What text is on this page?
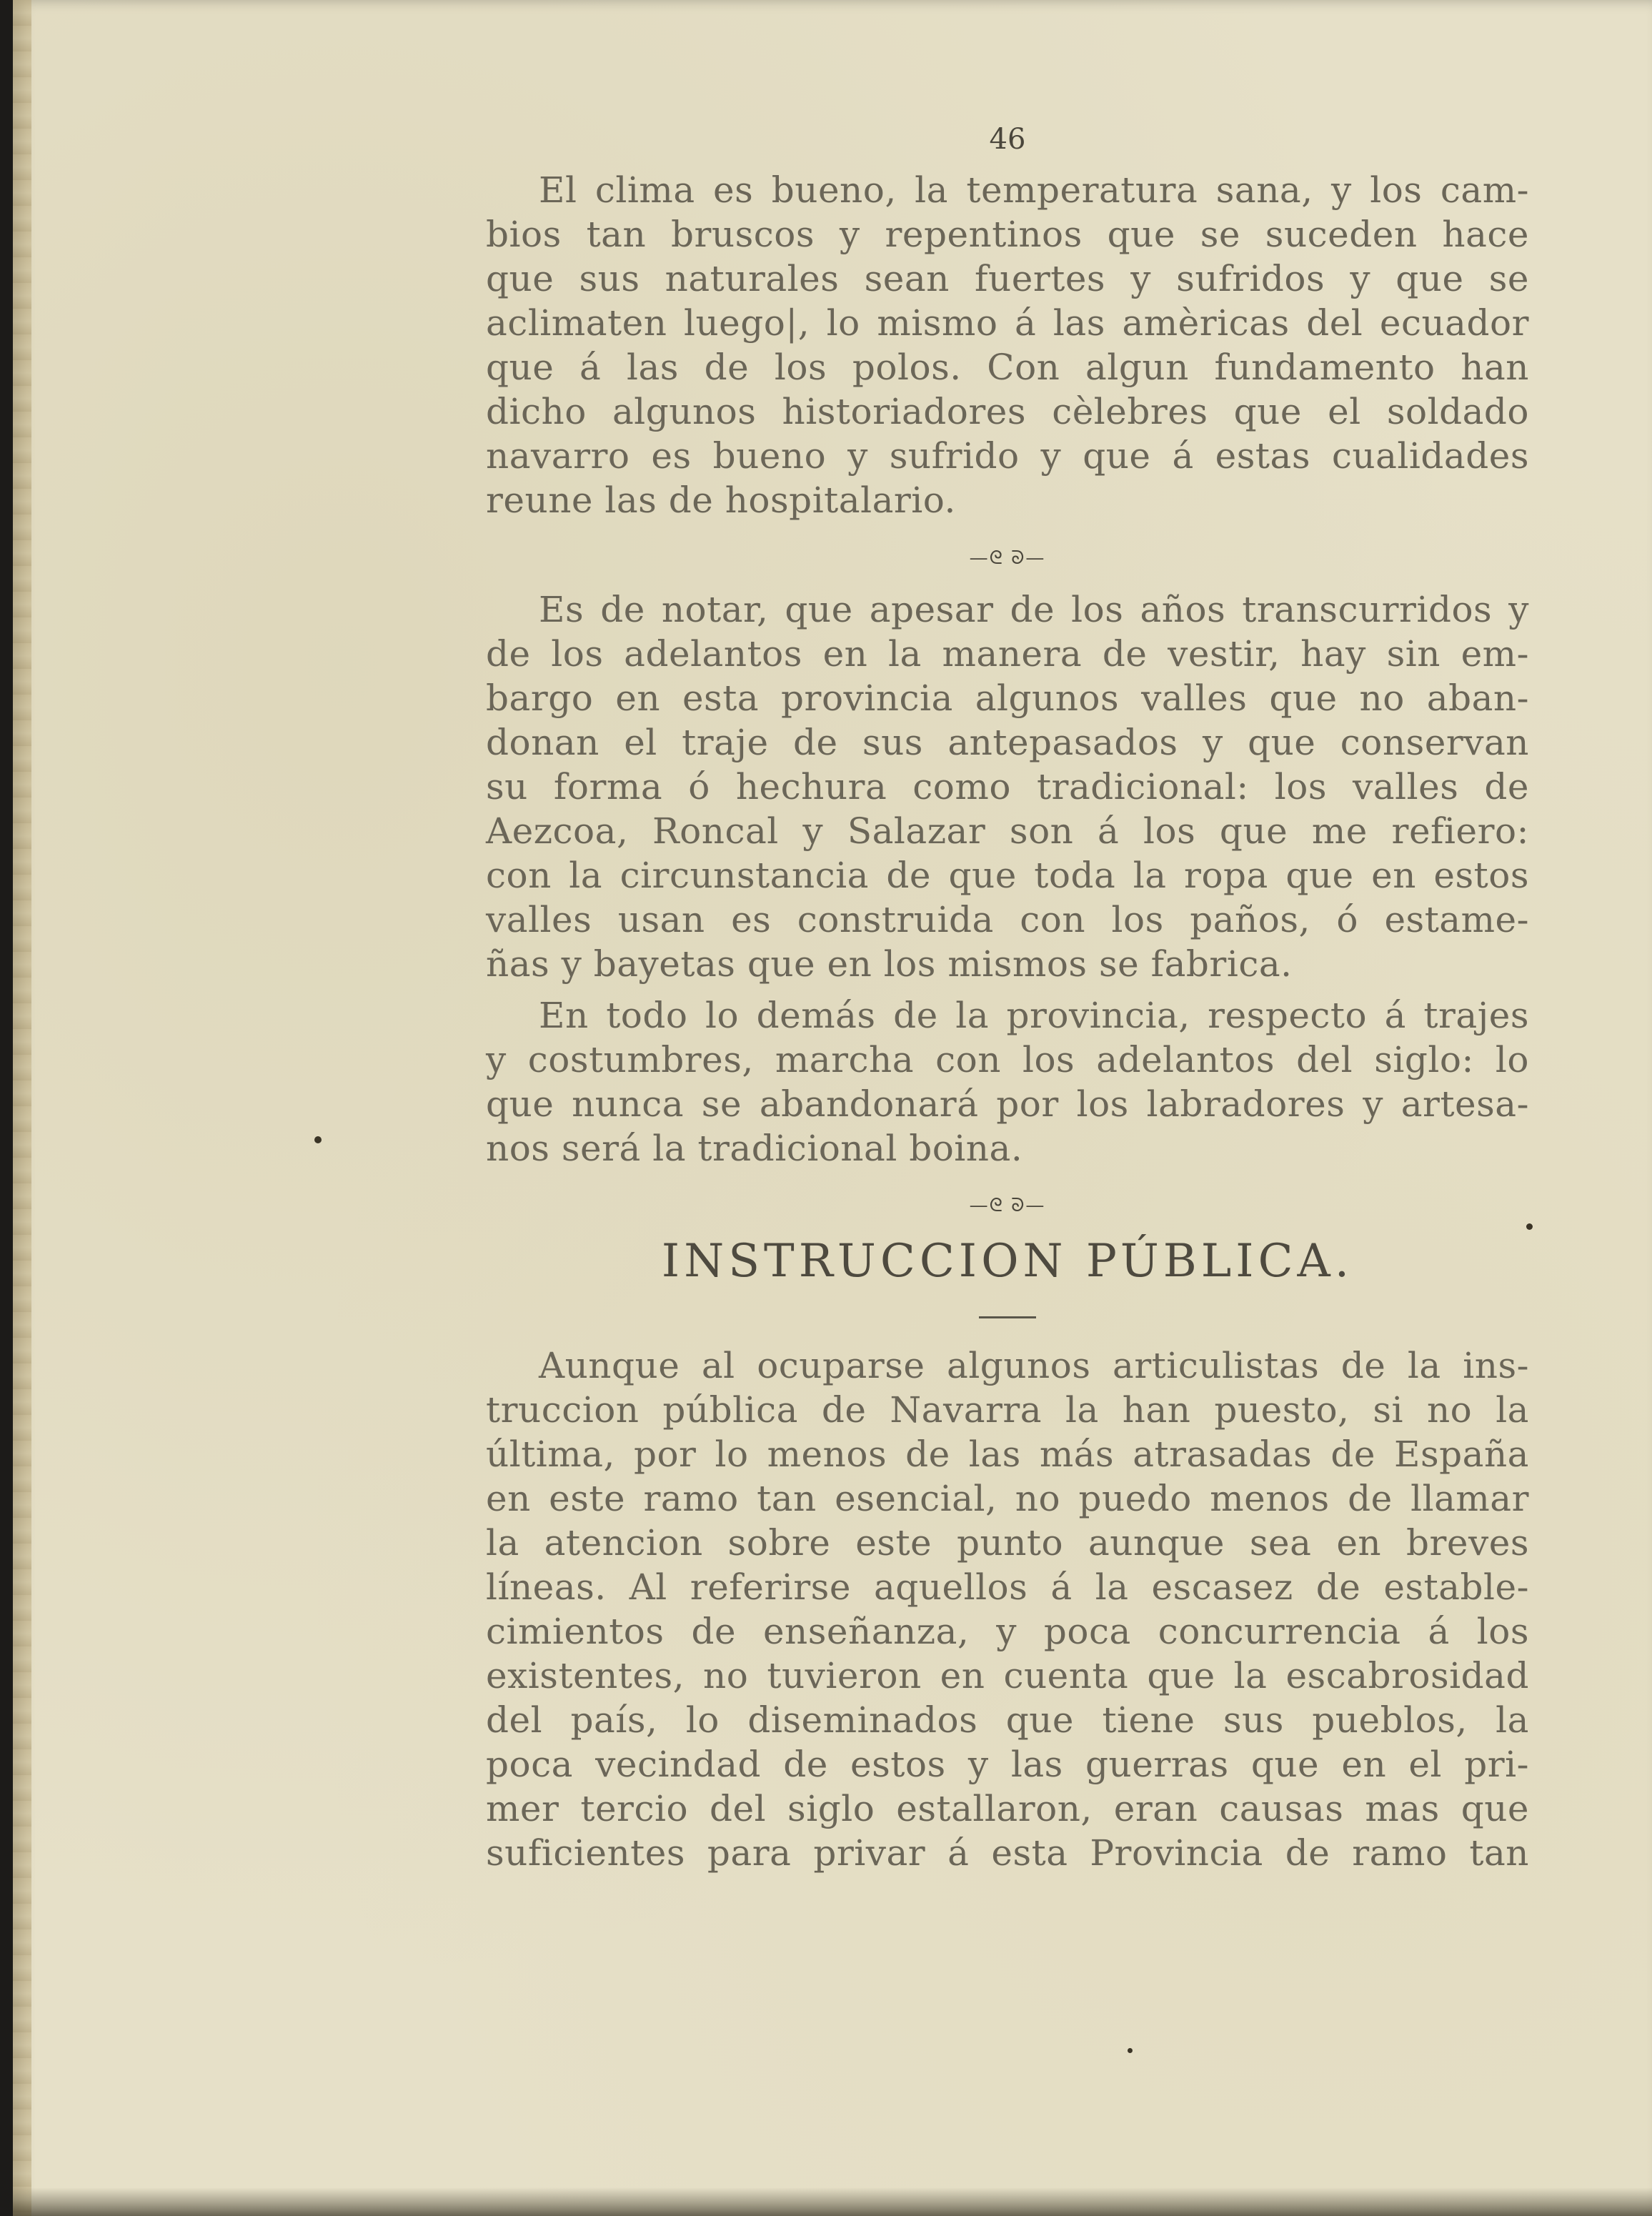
46
El clima es bueno, la temperatura sana, y los cam-
bios tan bruscos y repentinos que se suceden hace
que sus naturales sean fuertes y sufridos y que se
aclimaten luego|, lo mismo á las amèricas del ecuador
que á las de los polos. Con algun fundamento han
dicho algunos historiadores cèlebres que el soldado
navarro es bueno y sufrido y que á estas cualidades
reune las de hospitalario.
—ᘓ ᘐ—
Es de notar, que apesar de los años transcurridos y
de los adelantos en la manera de vestir, hay sin em-
bargo en esta provincia algunos valles que no aban-
donan el traje de sus antepasados y que conservan
su forma ó hechura como tradicional: los valles de
Aezcoa, Roncal y Salazar son á los que me refiero:
con la circunstancia de que toda la ropa que en estos
valles usan es construida con los paños, ó estame-
ñas y bayetas que en los mismos se fabrica.
En todo lo demás de la provincia, respecto á trajes
y costumbres, marcha con los adelantos del siglo: lo
que nunca se abandonará por los labradores y artesa-
nos será la tradicional boina.
—ᘓ ᘐ—
INSTRUCCION PÚBLICA.
Aunque al ocuparse algunos articulistas de la ins-
truccion pública de Navarra la han puesto, si no la
última, por lo menos de las más atrasadas de España
en este ramo tan esencial, no puedo menos de llamar
la atencion sobre este punto aunque sea en breves
líneas. Al referirse aquellos á la escasez de estable-
cimientos de enseñanza, y poca concurrencia á los
existentes, no tuvieron en cuenta que la escabrosidad
del país, lo diseminados que tiene sus pueblos, la
poca vecindad de estos y las guerras que en el pri-
mer tercio del siglo estallaron, eran causas mas que
suficientes para privar á esta Provincia de ramo tan
